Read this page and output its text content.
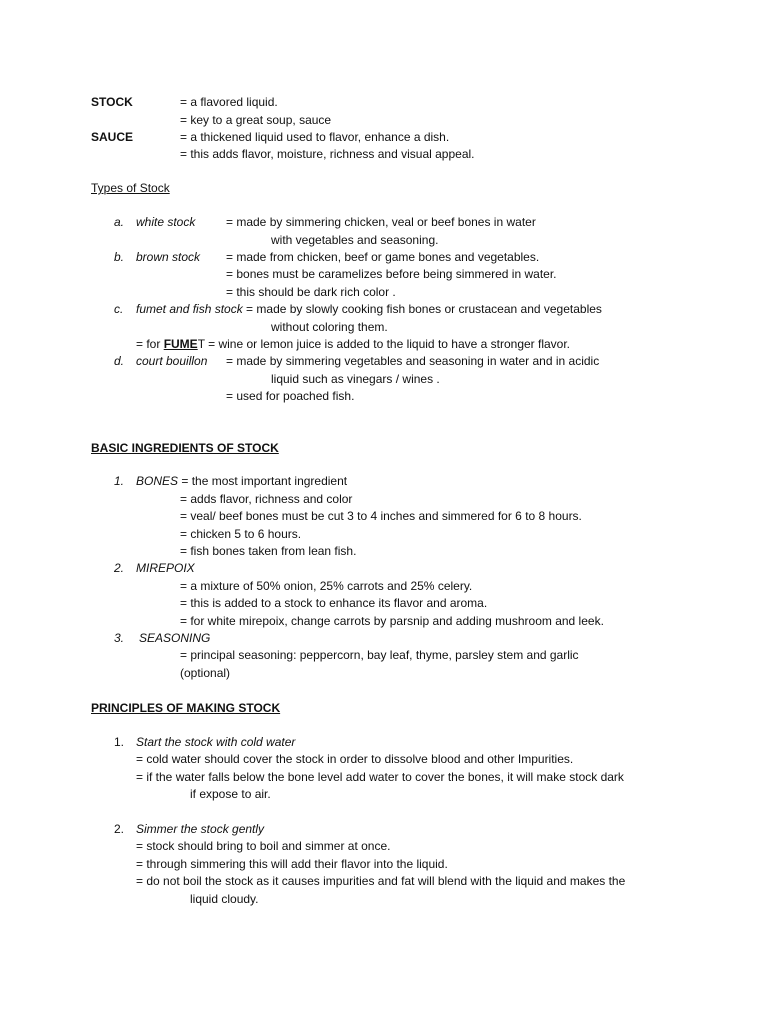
STOCK	= a flavored liquid.
= key to a great soup, sauce
SAUCE	= a thickened liquid used to flavor, enhance a dish.
= this adds flavor, moisture, richness and visual appeal.
Types of Stock
a. white stock	= made by simmering chicken, veal or beef bones in water
with vegetables and seasoning.
b. brown stock = made from chicken, beef or game bones and vegetables.
= bones must be caramelizes before being simmered in water.
= this should be dark rich color .
c. fumet and fish stock = made by slowly cooking fish bones or crustacean and vegetables
without coloring them.
= for FUMET = wine or lemon juice is added to the liquid to have a stronger flavor.
d. court bouillon = made by simmering vegetables and seasoning in water and in acidic
liquid such as vinegars / wines .
= used for poached fish.
BASIC INGREDIENTS OF STOCK
1. BONES = the most important ingredient
= adds flavor, richness and color
= veal/ beef bones must be cut 3 to 4 inches and simmered for 6 to 8 hours.
= chicken 5 to 6 hours.
= fish bones taken from lean fish.
2. MIREPOIX
= a mixture of 50% onion, 25% carrots and 25% celery.
= this is added to a stock to enhance its flavor and aroma.
= for white mirepoix, change carrots by parsnip and adding mushroom and leek.
3. SEASONING
= principal seasoning: peppercorn, bay leaf, thyme, parsley stem and garlic
(optional)
PRINCIPLES OF MAKING STOCK
1. Start the stock with cold water
= cold water should cover the stock in order to dissolve blood and other Impurities.
= if the water falls below the bone level add water to cover the bones, it will make stock dark
if expose to air.
2. Simmer the stock gently
= stock should bring to boil and simmer at once.
= through simmering this will add their flavor into the liquid.
= do not boil the stock as it causes impurities and fat will blend with the liquid and makes the
liquid cloudy.
